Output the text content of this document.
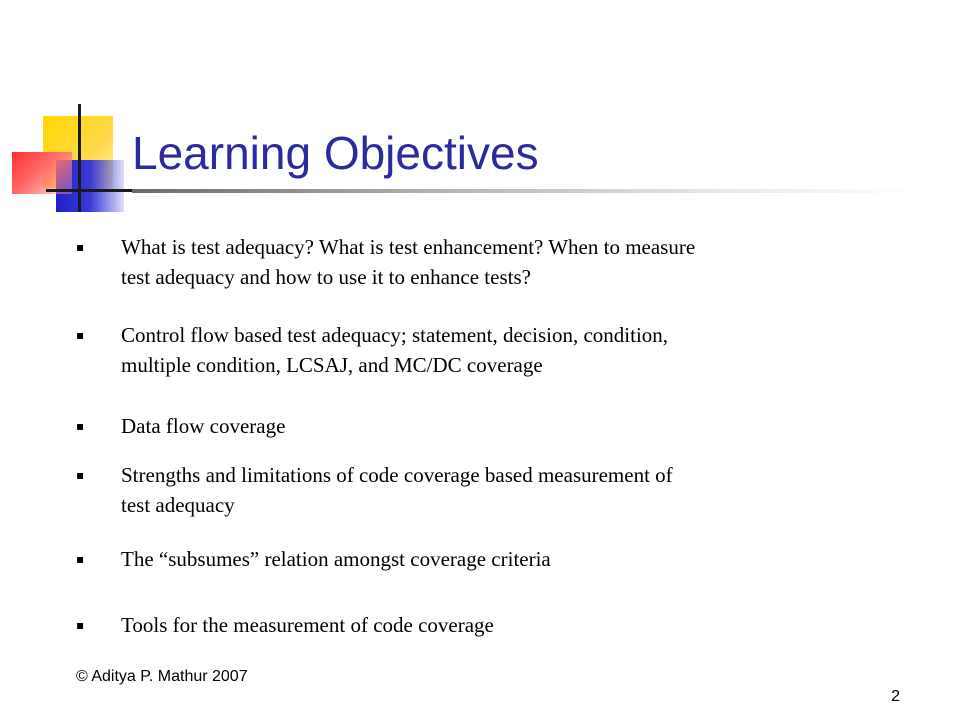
Learning Objectives
▪	What is test adequacy? What is test enhancement? When to measure
test adequacy and how to use it to enhance tests?
▪	Control flow based test adequacy; statement, decision, condition,
multiple condition, LCSAJ, and MC/DC coverage
▪	Data flow coverage
▪	Strengths and limitations of code coverage based measurement of
test adequacy
▪	The “subsumes” relation amongst coverage criteria
▪	Tools for the measurement of code coverage
© Aditya P. Mathur 2007
2
